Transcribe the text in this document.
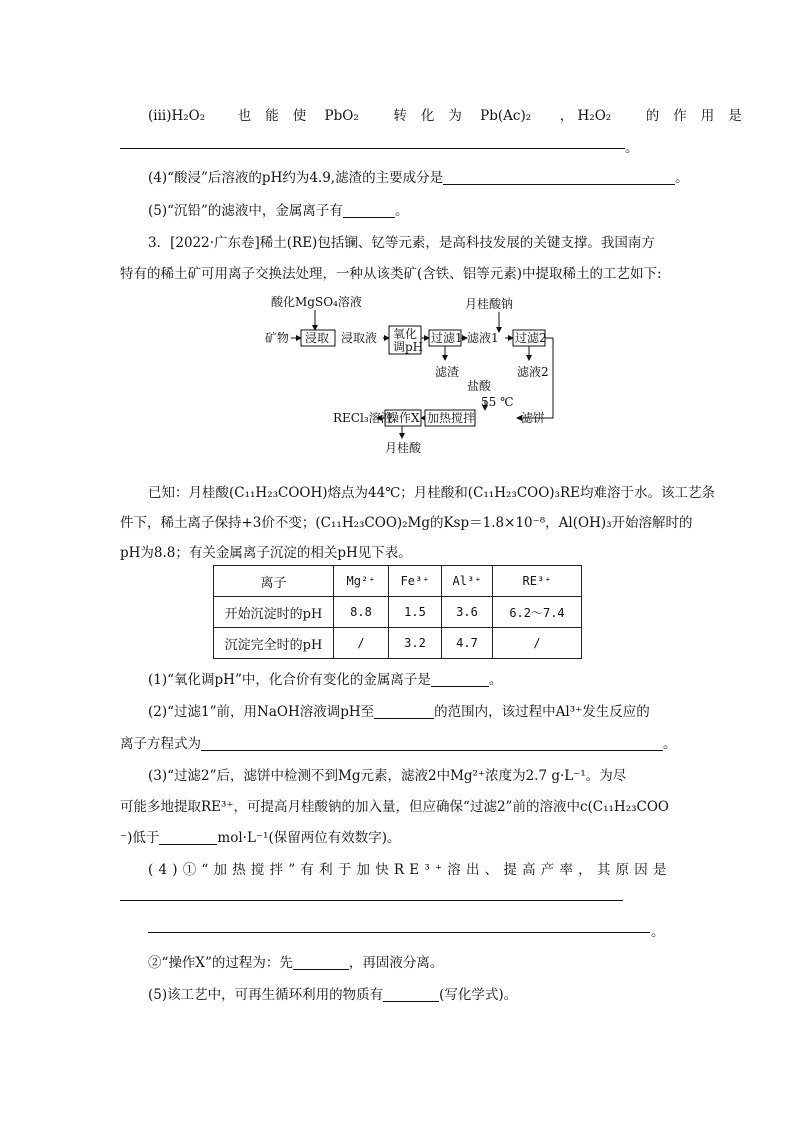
(iii)H₂O₂ 也能使 PbO₂	转化为 Pb(Ac)₂ ， H₂O₂	的作用是
。
(4)“酸浸”后溶液的pH约为4.9,滤渣的主要成分是	。
(5)“沉铅”的滤液中，金属离子有	。
3．[2022·广东卷]稀土(RE)包括镧、钇等元素，是高科技发展的关键支撑。我国南方
特有的稀土矿可用离子交换法处理，一种从该类矿(含铁、铝等元素)中提取稀土的工艺如下:
酸化MgSO₄溶液
矿物 浸取 浸取液 氧化
调pH
过滤1
滤渣
滤液1
月桂酸钠
过滤2
滤液2
盐酸
55 ℃
加热搅拌	滤饼
操作X
RECl₃溶液
月桂酸
已知：月桂酸(C₁₁H₂₃COOH)熔点为44℃；月桂酸和(C₁₁H₂₃COO)₃RE均难溶于水。该工艺条
件下，稀土离子保持+3价不变；(C₁₁H₂₃COO)₂Mg的Ksp＝1.8×10⁻⁸，Al(OH)₃开始溶解时的
pH为8.8；有关金属离子沉淀的相关pH见下表。
离子	Mg²⁺	Fe³⁺	Al³⁺	RE³⁺
开始沉淀时的pH	8.8	1.5	3.6	6.2～7.4
沉淀完全时的pH	/	3.2	4.7	/
(1)“氧化调pH”中，化合价有变化的金属离子是	。
(2)“过滤1”前，用NaOH溶液调pH至	的范围内，该过程中Al³⁺发生反应的
离子方程式为	。
(3)“过滤2”后，滤饼中检测不到Mg元素，滤液2中Mg²⁺浓度为2.7 g·L⁻¹。为尽
可能多地提取RE³⁺，可提高月桂酸钠的加入量，但应确保“过滤2”前的溶液中c(C₁₁H₂₃COO
⁻)低于	mol·L⁻¹(保留两位有效数字)。
(4)①“加热搅拌”有利于加快RE³⁺溶出、提高产率，其原因是
。
②“操作X”的过程为：先	，再固液分离。
(5)该工艺中，可再生循环利用的物质有	(写化学式)。
